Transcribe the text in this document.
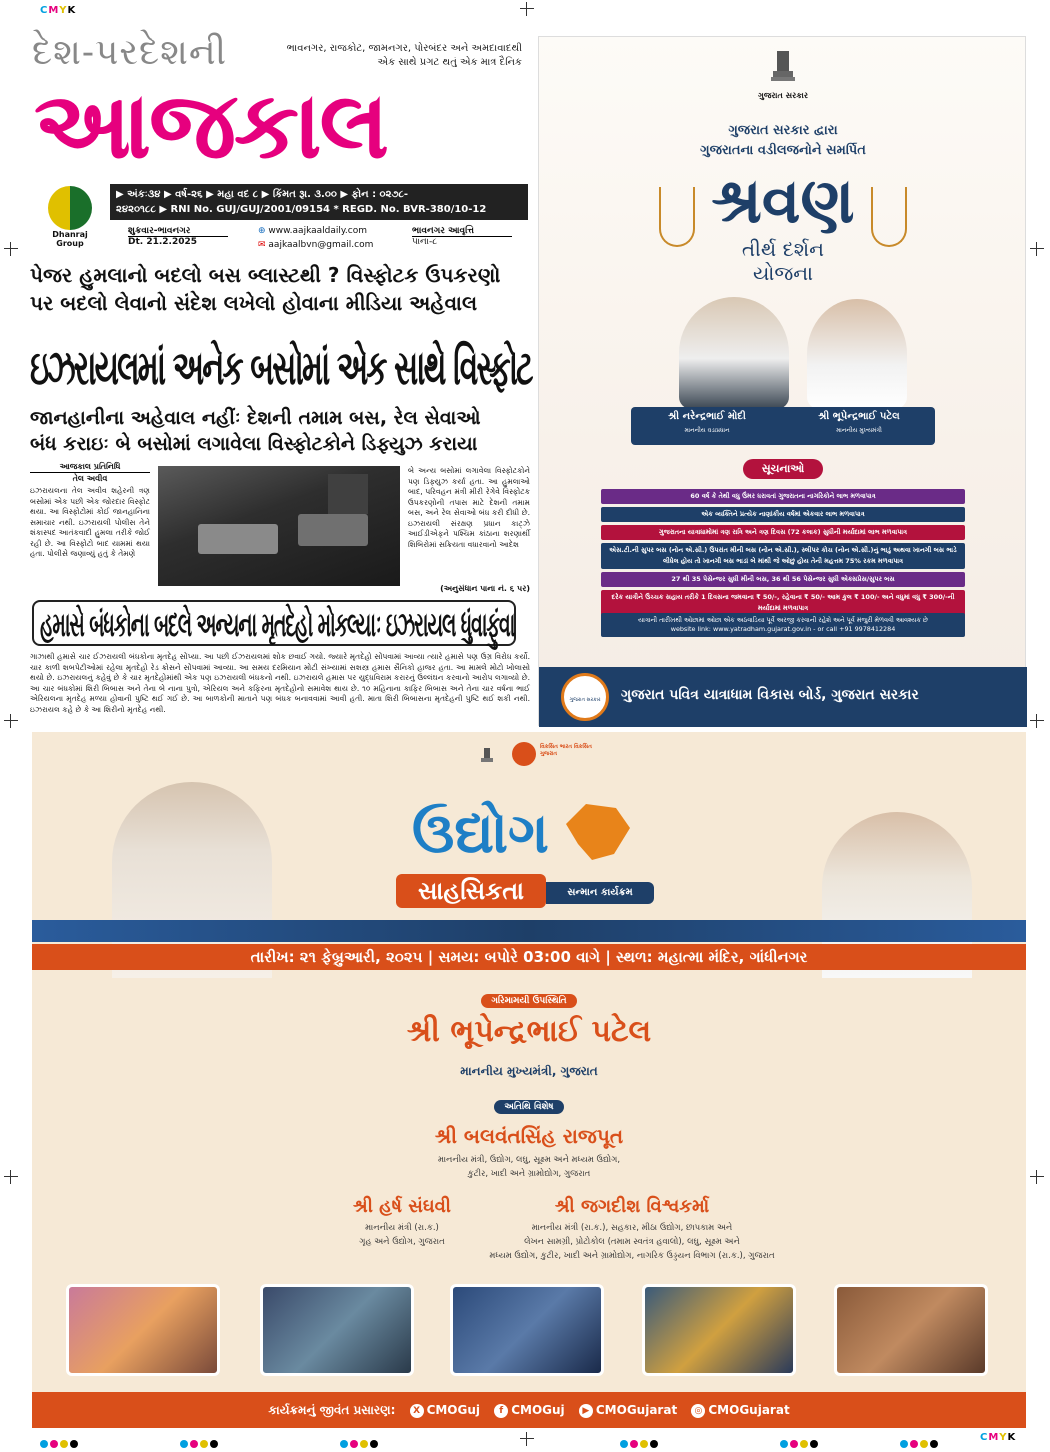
CMYK
CMYK
દેશ-પરદેશની	ભાવનગર, રાજકોટ, જામનગર, પોરબંદર અને અમદાવાદથી એક સાથે પ્રગટ થતું એક માત્ર દૈનિક
આજકાલ
Dhanraj Group
▶ અંકઃ૩૪ ▶ વર્ષ-૨૬ ▶ મહા વદ ૮ ▶ કિંમત રૂા. ૩.૦૦ ▶ ફોન : ૦૨૭૮-
૨૪૨૦૧૮૮ ▶ RNI No. GUJ/GUJ/2001/09154 * REGD. No. BVR-380/10-12
શુક્રવાર-ભાવનગર
Dt. 21.2.2025
⊕ www.aajkaaldaily.com
✉ aajkaalbvn@gmail.com
ભાવનગર આવૃત્તિ
પાના-૮
પેજર હુમલાનો બદલો બસ બ્લાસ્ટથી ? વિસ્ફોટક ઉપકરણો
પર બદલો લેવાનો સંદેશ લખેલો હોવાના મીડિયા અહેવાલ
ઇઝરાયલમાં અનેક બસોમાં એક સાથે વિસ્ફોટ
જાનહાનીના અહેવાલ નહીંઃ દેશની તમામ બસ, રેલ સેવાઓ
બંધ કરાઇઃ બે બસોમાં લગાવેલા વિસ્ફોટકોને ડિફ્યુઝ કરાયા
આજકાલ પ્રતિનિધિ
તેલ અવીવ
ઇઝરાયલના તેલ અવીવ શહેરની ત્રણ બસોમાં એક પછી એક જોરદાર વિસ્ફોટ થયા. આ વિસ્ફોટોમાં કોઈ જાનહાનિના સમાચાર નથી. ઇઝરાયલી પોલીસ તેને શંકાસ્પદ આતંકવાદી હુમલા તરીકે જોઈ રહી છે. આ વિસ્ફોટો બાદ યામમાં થયા હતા. પોલીસે જણાવ્યું હતું કે તેમણે
બે અન્ય બસોમાં લગાવેલા વિસ્ફોટકોને પણ ડિફ્યુઝ કર્યા હતા. આ હુમલાઓ બાદ, પરિવહન મંત્રી મીરી રેગેવે વિસ્ફોટક ઉપકરણોની તપાસ માટે દેશની તમામ બસ, અને રેલ સેવાઓ બંધ કરી દીધી છે. ઇઝરાયલી સંરક્ષણ પ્રધાન કાટ્ઝે આઈડીએફને પશ્ચિમ કાંઠાના શરણાર્થી શિબિરોમાં સક્રિયતા વધારવાનો આદેશ
(અનુસંધાન પાના નં. ૬ પર)
હમાસે બંધકોના બદલે અન્યના મૃતદેહો મોકલ્યાઃ ઇઝરાયલ ધુંવાફુંવા
ગાઝાથી હમાસે ચાર ઈઝરાયલી બંધકોના મૃતદેહ સોંપ્યા. આ પછી ઈઝરાયલમાં શોક છવાઈ ગયો. જ્યારે મૃતદેહો સોંપવામાં આવ્યા ત્યારે હમાસે પણ ઉગ્ર વિરોધ કર્યો. ચાર કાળી શબપેટીઓમાં રહેલા મૃતદેહો રેડ ક્રોસને સોંપવામાં આવ્યા. આ સમય દરમિયાન મોટી સંખ્યામાં સશસ્ત્ર હમાસ સૈનિકો હાજર હતા. આ મામલે મોટો ખોલાસો થયો છે. ઇઝરાયલનું કહેવું છે કે ચાર મૃતદેહોમાંથી એક પણ ઇઝરાયલી બંધકનો નથી. ઇઝરાયલે હમાસ પર યુદ્ધવિરામ કરારનું ઉલ્લંઘન કરવાનો આરોપ લગાવ્યો છે. આ ચાર બંધકોમાં શિરી બિબાસ અને તેના બે નાના પુત્રો, એરિયલ અને કફિરના મૃતદેહોનો સમાવેશ થાય છે. ૧૦ મહિનાના કાફિર બિબાસ અને તેના ચાર વર્ષના ભાઈ એરિયલના મૃતદેહ મળ્યા હોવાની પુષ્ટિ થઈ ગઈ છે. આ બાળકોની માતાને પણ બંધક બનાવવામાં આવી હતી. માતા શિરી બિબાસના મૃતદેહની પુષ્ટિ થઈ શકી નથી. ઇઝરાયલ કહે છે કે આ શિરીનો મૃતદેહ નથી.
ગુજરાત સરકાર
ગુજરાત સરકાર દ્વારા
ગુજરાતના વડીલજનોને સમર્પિત
શ્રવણ
તીર્થ દર્શન
યોજના
શ્રી નરેન્દ્રભાઈ મોદી
માનનીય વડાપ્રધાન
શ્રી ભૂપેન્દ્રભાઈ પટેલ
માનનીય મુખ્યમંત્રી
સૂચનાઓ
60 વર્ષ કે તેથી વધુ ઉંમર ધરાવતાં ગુજરાતના નાગરિકોને લાભ મળવાપાત્ર
એક વ્યક્તિને પ્રત્યેક નાણાંકીય વર્ષમાં એકવાર લાભ મળવાપાત્ર
ગુજરાતના યાત્રાધામોમાં ત્રણ રાત્રિ અને ત્રણ દિવસ (72 કલાક) સુધીની મર્યાદામાં લાભ મળવાપાત્ર
એસ.ટી.ની સુપર બસ (નોન એ.સી.) ઉપરાંત મીની બસ (નોન એ.સી.), સ્લીપર કોચ (નોન એ.સી.)નું ભાડું અથવા ખાનગી બસ ભાડે લીધેલ હોય તો ખાનગી બસ ભાડાં બે માંથી જે ઓછું હોય તેની મહત્તમ 75% રકમ મળવાપાત્ર
27 થી 35 પેસેન્જર સુધી મીની બસ, 36 થી 56 પેસેન્જર સુધી એક્સપ્રેસ/સુપર બસ
દરેક યાત્રીને ઉચ્ચક સહાય તરીકે 1 દિવસના જમવાના ₹ 50/-, રહેવાના ₹ 50/- આમ કુલ ₹ 100/- અને વધુમાં વધુ ₹ 300/-ની મર્યાદામાં મળવાપાત્ર
યાત્રાની તારીખથી ઓછામાં ઓછા એક અઠવાડિયા પૂર્વે અરજી કરવાની રહેશે અને પૂર્વ મંજુરી મેળવવી આવશ્યક છે
website link: www.yatradham.gujarat.gov.in - or call +91 9978412284
ગુજરાત સરકાર	ગુજરાત પવિત્ર યાત્રાધામ વિકાસ બોર્ડ, ગુજરાત સરકાર
વિકસિત ભારત વિકસિત ગુજરાત
ઉદ્યોગ
સાહસિકતા	સન્માન કાર્યક્રમ
તારીખ: ૨૧ ફેબ્રુઆરી, ૨૦૨૫ | સમય: બપોરે 03:00 વાગે | સ્થળ: મહાત્મા મંદિર, ગાંધીનગર
ગરિમામયી ઉપસ્થિતિ
શ્રી ભૂપેન્દ્રભાઈ પટેલ
માનનીય મુખ્યમંત્રી, ગુજરાત
અતિથિ વિશેષ
શ્રી બલવંતસિંહ રાજપૂત
માનનીય મંત્રી, ઉદ્યોગ, લઘુ, સૂક્ષ્મ અને મધ્યમ ઉદ્યોગ,
કુટીર, ખાદી અને ગ્રામોદ્યોગ, ગુજરાત
શ્રી હર્ષ સંઘવી
માનનીય મંત્રી (રા.ક.)
ગૃહ અને ઉદ્યોગ, ગુજરાત
શ્રી જગદીશ વિશ્વકર્મા
માનનીય મંત્રી (રા.ક.), સહકાર, મીઠા ઉદ્યોગ, છાપકામ અને
લેખન સામગ્રી, પ્રોટોકોલ (તમામ સ્વતંત્ર હવાલો), લઘુ, સૂક્ષ્મ અને
મધ્યમ ઉદ્યોગ, કુટીર, ખાદી અને ગ્રામોદ્યોગ, નાગરિક ઉડ્ડયન વિભાગ (રા.ક.), ગુજરાત
કાર્યક્રમનું જીવંત પ્રસારણ: X CMOGuj f CMOGuj ▶ CMOGujarat ◎ CMOGujarat
